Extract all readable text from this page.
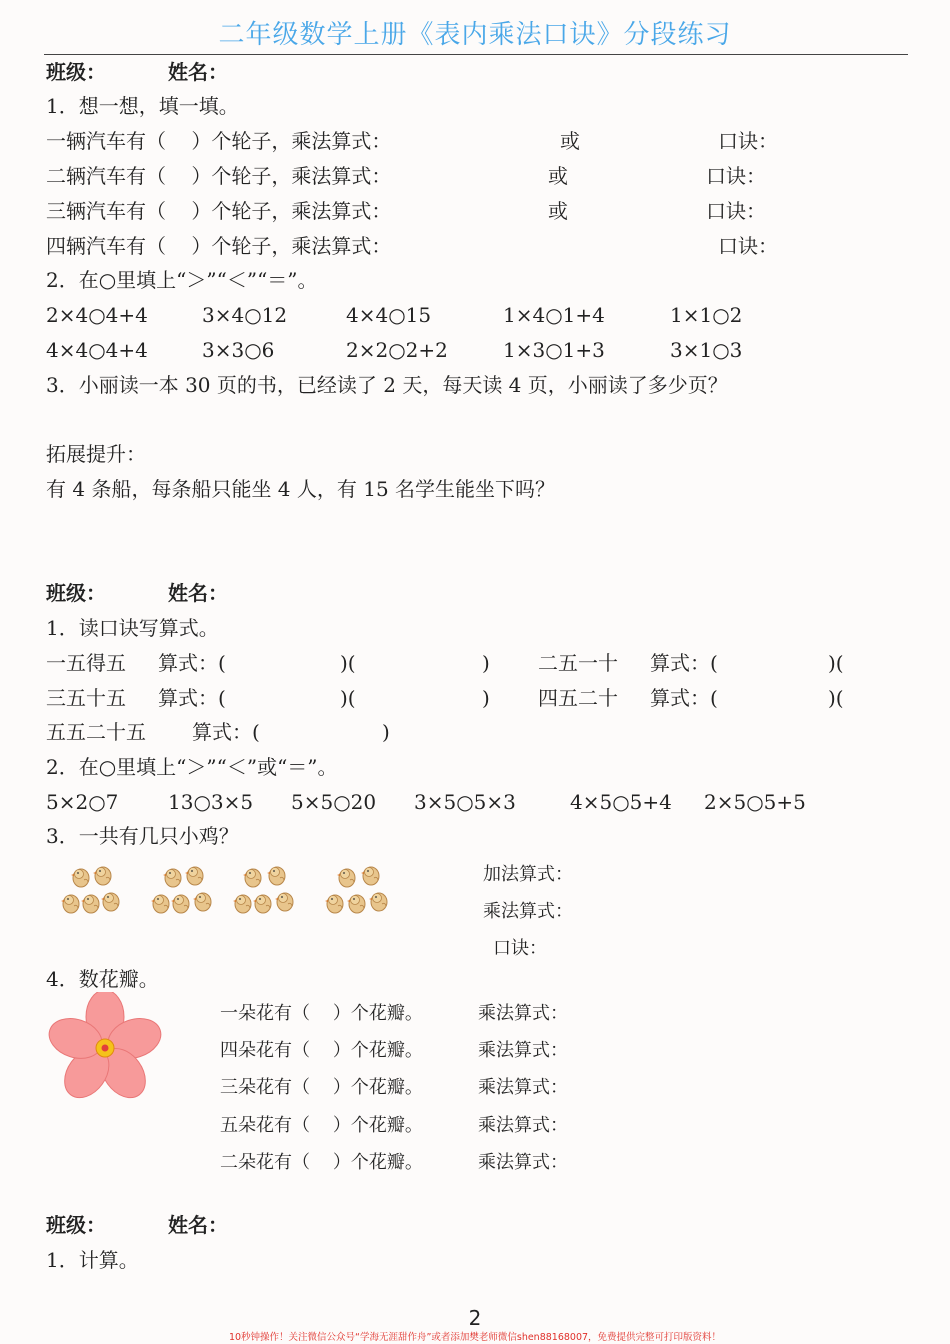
二年级数学上册《表内乘法口诀》分段练习
班级：	姓名：
1．想一想，填一填。
一辆汽车有（    ）个轮子，乘法算式：	或	口诀：
二辆汽车有（    ）个轮子，乘法算式：	或	口诀：
三辆汽车有（    ）个轮子，乘法算式：	或	口诀：
四辆汽车有（    ）个轮子，乘法算式：	口诀：
2．在○里填上“＞”“＜”“＝”。
2×4○4+4	3×4○12	4×4○15	1×4○1+4	1×1○2
4×4○4+4	3×3○6	2×2○2+2	1×3○1+3	3×1○3
3．小丽读一本 30 页的书，已经读了 2 天，每天读 4 页，小丽读了多少页？
拓展提升：
有 4 条船，每条船只能坐 4 人，有 15 名学生能坐下吗？
班级：	姓名：
1．读口诀写算式。
一五得五 算式：(	)(	) 二五一十 算式：(	)(
三五十五 算式：(	)(	) 四五二十 算式：(	)(
五五二十五 算式：(	)
2．在○里填上“＞”“＜”或“＝”。
5×2○7 13○3×5 5×5○20 3×5○5×3	4×5○5+4 2×5○5+5
3．一共有几只小鸡？
加法算式：
乘法算式：
口诀：
4．数花瓣。
一朵花有（    ）个花瓣。	乘法算式：
四朵花有（    ）个花瓣。	乘法算式：
三朵花有（    ）个花瓣。	乘法算式：
五朵花有（    ）个花瓣。	乘法算式：
二朵花有（    ）个花瓣。	乘法算式：
班级：	姓名：
1．计算。
2
10秒钟操作！关注微信公众号“学海无涯甜作舟”或者添加樊老师微信shen88168007，免费提供完整可打印版资料！
